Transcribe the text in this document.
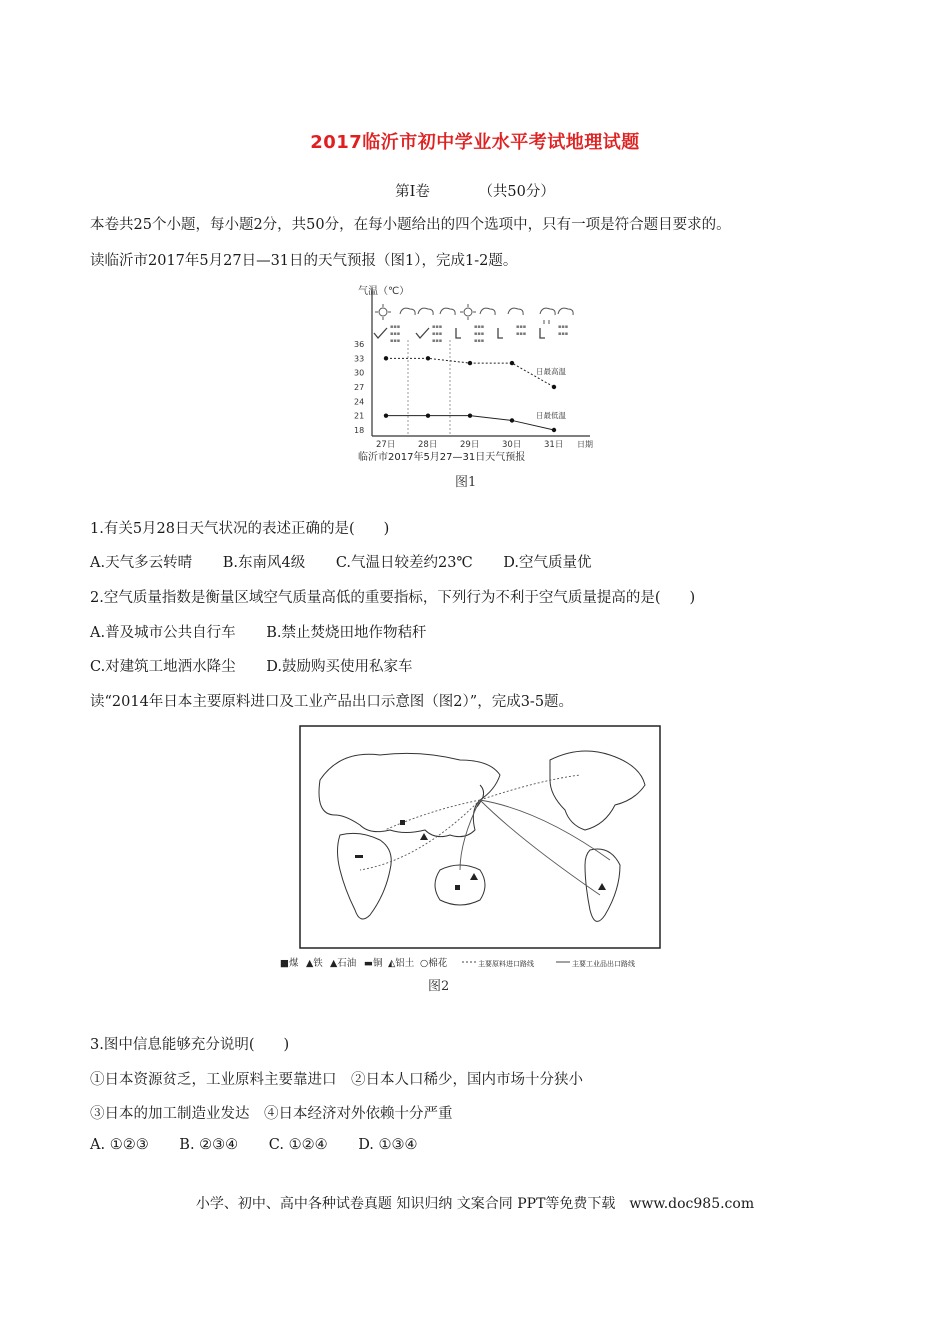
2017临沂市初中学业水平考试地理试题
第Ⅰ卷	（共50分）
本卷共25个小题，每小题2分，共50分，在每小题给出的四个选项中，只有一项是符合题目要求的。
读临沂市2017年5月27日—31日的天气预报（图1），完成1-2题。
气温（℃）
▪▪▪
▪▪▪
▪▪▪
▪▪▪
▪▪▪
▪▪▪
▪▪▪
▪▪▪
▪▪▪
▪▪▪
▪▪▪
▪▪▪
▪▪▪
36
33
30
27
24
21
18
27日	28日	29日	30日	31日 日期
日最高温
日最低温
临沂市2017年5月27—31日天气预报
图1
1.有关5月28日天气状况的表述正确的是(　　)
A.天气多云转晴 B.东南风4级 C.气温日较差约23℃ D.空气质量优
2.空气质量指数是衡量区域空气质量高低的重要指标，下列行为不利于空气质量提高的是(　　)
A.普及城市公共自行车 B.禁止焚烧田地作物秸秆
C.对建筑工地洒水降尘 D.鼓励购买使用私家车
读“2014年日本主要原料进口及工业产品出口示意图（图2）”，完成3-5题。
■煤 ▲铁 ▲石油 ▬铜 ◭铝土 ○棉花	主要原料进口路线	主要工业品出口路线
图2
3.图中信息能够充分说明(　　)
①日本资源贫乏，工业原料主要靠进口　②日本人口稀少，国内市场十分狭小
③日本的加工制造业发达　④日本经济对外依赖十分严重
A. ①②③ B. ②③④ C. ①②④ D. ①③④
小学、初中、高中各种试卷真题 知识归纳 文案合同 PPT等免费下载　www.doc985.com
